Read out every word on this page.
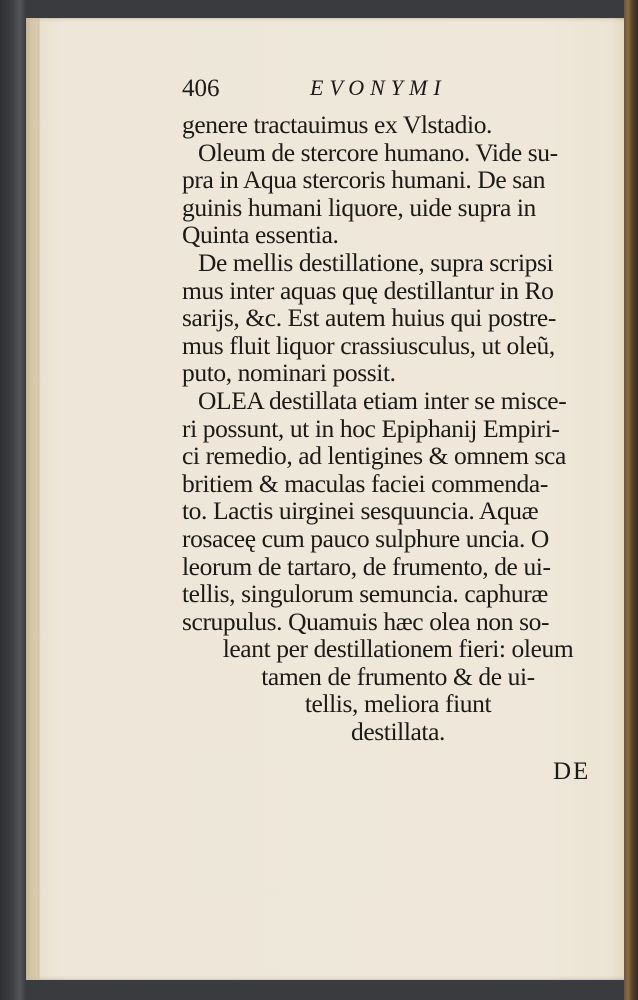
406	EVONYMI
genere tractauimus ex Vlstadio.
Oleum de stercore humano. Vide su-
pra in Aqua stercoris humani. De san
guinis humani liquore, uide supra in
Quinta essentia.
De mellis destillatione, supra scripsi
mus inter aquas quę destillantur in Ro
sarijs, &c. Est autem huius qui postre-
mus fluit liquor crassiusculus, ut oleũ,
puto, nominari possit.
OLEA destillata etiam inter se misce-
ri possunt, ut in hoc Epiphanij Empiri-
ci remedio, ad lentigines & omnem sca
britiem & maculas faciei commenda-
to. Lactis uirginei sesquuncia. Aquæ
rosaceę cum pauco sulphure uncia. O
leorum de tartaro, de frumento, de ui-
tellis, singulorum semuncia. caphuræ
scrupulus. Quamuis hæc olea non so-
leant per destillationem fieri: oleum
tamen de frumento & de ui-
tellis, meliora fiunt
destillata.
DE
